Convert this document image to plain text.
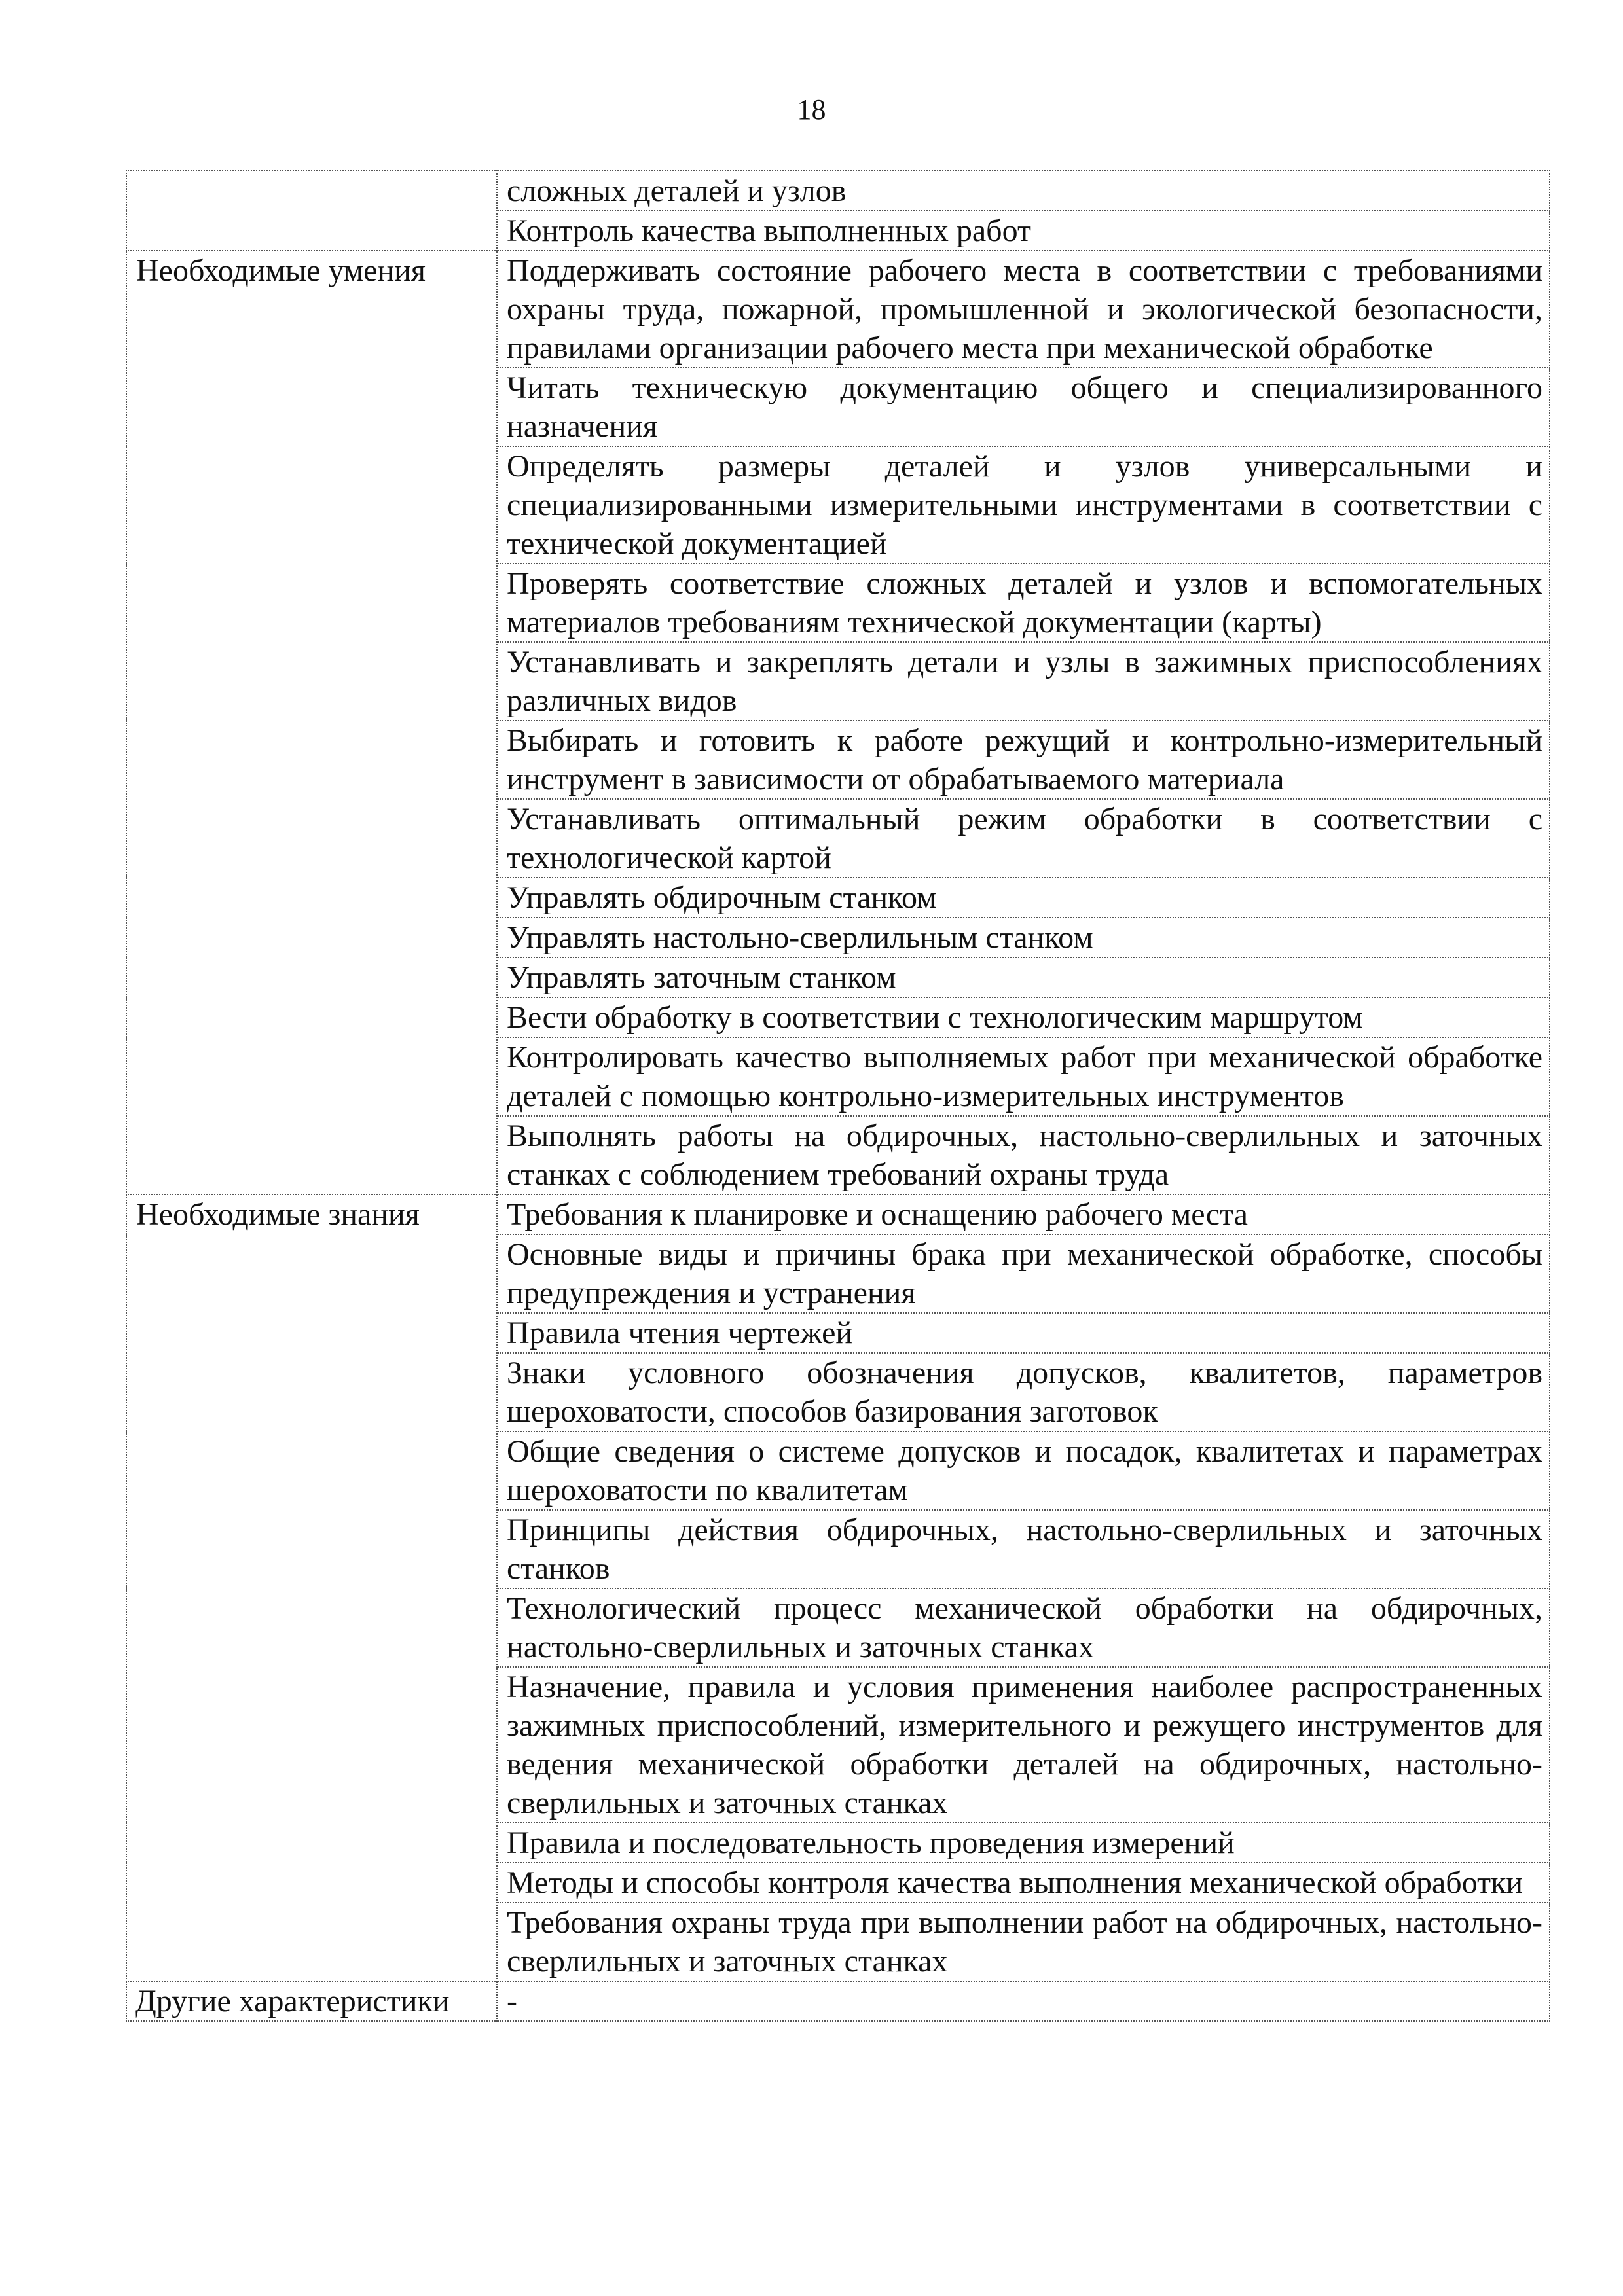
18
	сложных деталей и узлов
	Контроль качества выполненных работ
Необходимые умения	Поддерживать состояние рабочего места в соответствии с требованиями охраны труда, пожарной, промышленной и экологической безопасности, правилами организации рабочего места при механической обработке
	Читать техническую документацию общего и специализированного назначения
	Определять размеры деталей и узлов универсальными и специализированными измерительными инструментами в соответствии с технической документацией
	Проверять соответствие сложных деталей и узлов и вспомогательных материалов требованиям технической документации (карты)
	Устанавливать и закреплять детали и узлы в зажимных приспособлениях различных видов
	Выбирать и готовить к работе режущий и контрольно-измерительный инструмент в зависимости от обрабатываемого материала
	Устанавливать оптимальный режим обработки в соответствии с технологической картой
	Управлять обдирочным станком
	Управлять настольно-сверлильным станком
	Управлять заточным станком
	Вести обработку в соответствии с технологическим маршрутом
	Контролировать качество выполняемых работ при механической обработке деталей с помощью контрольно-измерительных инструментов
	Выполнять работы на обдирочных, настольно-сверлильных и заточных станках с соблюдением требований охраны труда
Необходимые знания	Требования к планировке и оснащению рабочего места
	Основные виды и причины брака при механической обработке, способы предупреждения и устранения
	Правила чтения чертежей
	Знаки условного обозначения допусков, квалитетов, параметров шероховатости, способов базирования заготовок
	Общие сведения о системе допусков и посадок, квалитетах и параметрах шероховатости по квалитетам
	Принципы действия обдирочных, настольно-сверлильных и заточных станков
	Технологический процесс механической обработки на обдирочных, настольно-сверлильных и заточных станках
	Назначение, правила и условия применения наиболее распространенных зажимных приспособлений, измерительного и режущего инструментов для ведения механической обработки деталей на обдирочных, настольно-сверлильных и заточных станках
	Правила и последовательность проведения измерений
	Методы и способы контроля качества выполнения механической обработки
	Требования охраны труда при выполнении работ на обдирочных, настольно-сверлильных и заточных станках
Другие характеристики	-
